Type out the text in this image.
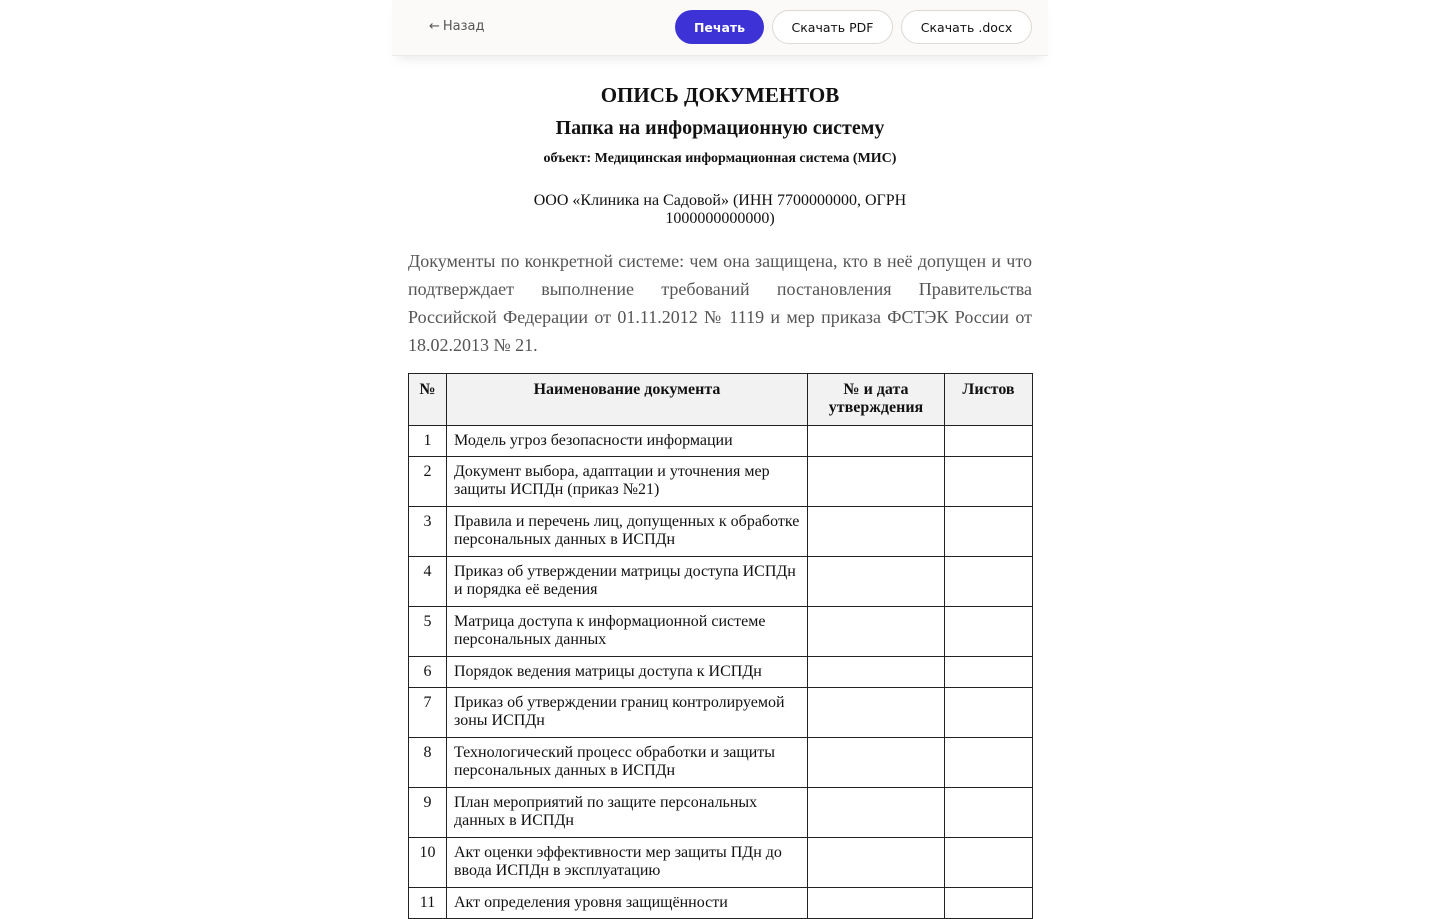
← Назад	Печать	Скачать PDF	Скачать .docx
ОПИСЬ ДОКУМЕНТОВ
Папка на информационную систему
объект: Медицинская информационная система (МИС)
ООО «Клиника на Садовой» (ИНН 7700000000, ОГРН 1000000000000)

Документы по конкретной системе: чем она защищена, кто в неё допущен и что подтверждает выполнение требований постановления Правительства Российской Федерации от 01.11.2012 № 1119 и мер приказа ФСТЭК России от 18.02.2013 № 21.

№	Наименование документа	№ и дата утверждения	Листов
1	Модель угроз безопасности информации		
2	Документ выбора, адаптации и уточнения мер защиты ИСПДн (приказ №21)		
3	Правила и перечень лиц, допущенных к обработке персональных данных в ИСПДн		
4	Приказ об утверждении матрицы доступа ИСПДн и порядка её ведения		
5	Матрица доступа к информационной системе персональных данных		
6	Порядок ведения матрицы доступа к ИСПДн		
7	Приказ об утверждении границ контролируемой зоны ИСПДн		
8	Технологический процесс обработки и защиты персональных данных в ИСПДн		
9	План мероприятий по защите персональных данных в ИСПДн		
10	Акт оценки эффективности мер защиты ПДн до ввода ИСПДн в эксплуатацию		
11	Акт определения уровня защищённости		
